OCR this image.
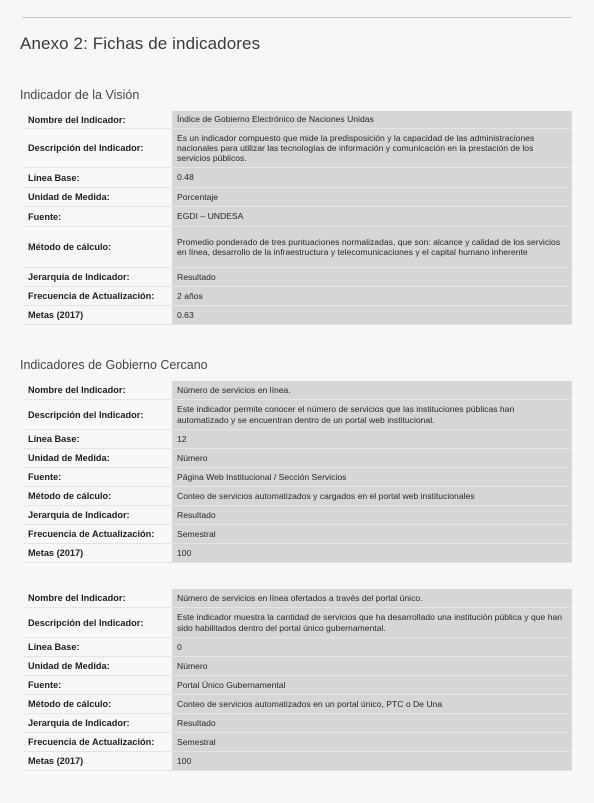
Anexo 2: Fichas de indicadores
Indicador de la Visión
Nombre del Indicador:	Índice de Gobierno Electrónico de Naciones Unidas
Descripción del Indicador:
Es un indicador compuesto que mide la predisposición y la capacidad de las administraciones nacionales para utilizar las tecnologías de información y comunicación en la prestación de los servicios públicos.
Línea Base:	0.48
Unidad de Medida:	Porcentaje
Fuente:	EGDI – UNDESA
Método de cálculo:
Promedio ponderado de tres puntuaciones normalizadas, que son: alcance y calidad de los servicios en línea, desarrollo de la infraestructura y telecomunicaciones y el capital humano inherente
Jerarquía de Indicador:	Resultado
Frecuencia de Actualización:	2 años
Metas (2017)	0.63
Indicadores de Gobierno Cercano
Nombre del Indicador:	Número de servicios en línea.
Descripción del Indicador:
Este indicador permite conocer el número de servicios que las instituciones públicas han automatizado y se encuentran dentro de un portal web institucional.
Línea Base:	12
Unidad de Medida:	Número
Fuente:	Página Web Institucional / Sección Servicios
Método de cálculo:	Conteo de servicios automatizados y cargados en el portal web institucionales
Jerarquía de Indicador:	Resultado
Frecuencia de Actualización:	Semestral
Metas (2017)	100
Nombre del Indicador:	Número de servicios en línea ofertados a través del portal único.
Descripción del Indicador:
Este indicador muestra la cantidad de servicios que ha desarrollado una institución pública y que han sido habilitados dentro del portal único gubernamental.
Línea Base:	0
Unidad de Medida:	Número
Fuente:	Portal Único Gubernamental
Método de cálculo:	Conteo de servicios automatizados en un portal único, PTC o De Una
Jerarquía de Indicador:	Resultado
Frecuencia de Actualización:	Semestral
Metas (2017)	100
